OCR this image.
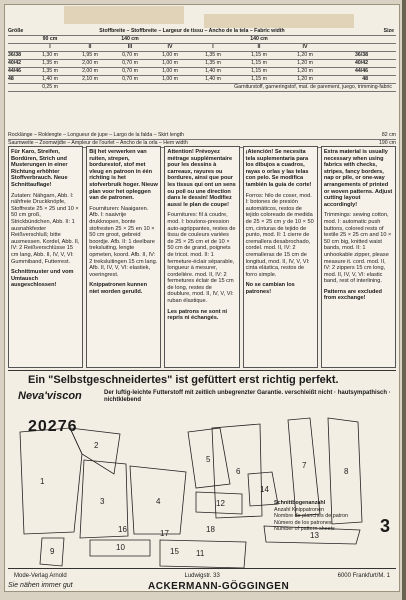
Größe	Stoffbreite – Stoffbreite – Largeur de tissu – Ancho de la tela – Fabric width	Size
90 cm	140 cm	140 cm
I	II	III	IV	I	II	IV
36/38	1,30 m	1,95 m	0,70 m	1,00 m	1,35 m	1,15 m	1,20 m	36/38
40/42	1,35 m	2,00 m	0,70 m	1,00 m	1,35 m	1,15 m	1,20 m	40/42
44/46	1,35 m	2,00 m	0,70 m	1,00 m	1,40 m	1,15 m	1,20 m	44/46
48	1,40 m	2,10 m	0,70 m	1,00 m	1,40 m	1,15 m	1,20 m	48
0,25 m	Garniturstoff, garneringstof, mat. de parement, juego, trimming-fabric
Rocklänge – Roklengte – Longueur de jupe – Largo de la falda – Skirt length	82 cm
Saumweite – Zoomwijdte – Ampleur de l'ourlet – Ancho de la orla – Hem width	190 cm

Für Karo, Streifen, Bordüren, Strich und Musterungen in einer Richtung erhöhter Stoffverbrauch. Neue Schnittauflage!

Zutaten: Nähgarn, Abb. I: nähfreie Druckknöpfe, Stoffreste 25 × 25 und 10 × 50 cm groß, Strickbündchen, Abb. II: 1 ausnahkfester Reißverschluß; bitte ausmessen. Kordel, Abb. II, IV: 2 Reißverschlüsse 15 cm lang, Abb. II, IV, V, VI: Gummiband, Futterrest.

Schnittmuster und vom Umtausch ausgeschlossen!

Bij het verwerken van ruiten, strepen, bordurestof, stof met vleug en patroon in één richting is het stofverbruik hoger. Nieuw plan voor het opleggen van de patronen.

Fournituren: Naaigaren. Afb. I: naaivrije drukknopen, bonte stofresten 25 × 25 en 10 × 50 cm groot, gebreid boordje. Afb. II: 1 deelbare treksluiting, lengte opmeten, koord. Afb. II, IV: 2 treksluitingen 15 cm lang. Afb. II, IV, V, VI: elastiek, voeringrest.

Knippatronen kunnen niet worden geruild.

Attention! Prévoyez métrage supplémentaire pour les dessins à carreaux, rayures ou bordures, ainsi que pour les tissus qui ont un sens ou poil ou une direction dans le dessin! Modifiez aussi le plan de coupe!

Fournitures: fil à coudre, mod. I: boutons-pression auto-agrippantes, restes de tissu de couleurs variées de 25 × 25 cm et de 10 × 50 cm de grand, poignets de tricot. mod. II: 1 fermeture-éclair séparable, longueur à mesurer, cordelière. mod. II, IV: 2 fermetures éclair de 15 cm de long, restes de doublure, mod. II, IV, V, VI: ruban élastique.

Les patrons ne sont ni repris ni échangés.

¡Atención! Se necesita tela suplementaria para los dibujos a cuadros, rayas o orlas y las telas con pelo. Se modifica también la guía de corte!

Forros: hilo de coser, mod. I: botones de presión automáticos, restos de tejido coloreado de medida de 25 × 25 cm y de 10 × 50 cm, cinturas de tejido de punto, mod. II: 1 cierre de cremallera desabrochado, cordel. mod. II, IV: 2 cremalleras de 15 cm de longitud, mod. II, IV, V, VI: cinta elástica, restos de forro simple.

No se cambian los patrones!

Extra material is usually necessary when using fabrics with checks, stripes, fancy borders, nap or pile, or one-way arrangements of printed or woven patterns. Adjust cutting layout accordingly!

Trimmings: sewing cotton, mod. I: automatic push buttons, colored rests of textile 25 × 25 cm and 10 × 50 cm big, knitted waist bands, mod. II: 1 unhookable zipper, please measure it. cord. mod. II, IV: 2 zippers 15 cm long, mod. II, IV, V, VI: elastic band, rest of interlining.

Patterns are excluded from exchange!

Ein "Selbstgeschneidertes" ist gefüttert erst richtig perfekt.
Neva'viscon	Der luftig-leichte Futterstoff mit zeitlich unbegrenzter Garantie. verschleißt nicht · hautsympathisch · nichtklebend
1
2
3	4
5
6
7
8
9	10
11
12
13
14
15
16	17	18
20276
Schnittbogenanzahl
Anzahl Knippatronen
Nombre de planches de patron
Número de los patrones
Number of pattern sheets	3
Mode-Verlag Arnold	Ludwigstr. 33	6000 Frankfurt/M. 1
Sie nähen immer gut	ACKERMANN-GÖGGINGEN
